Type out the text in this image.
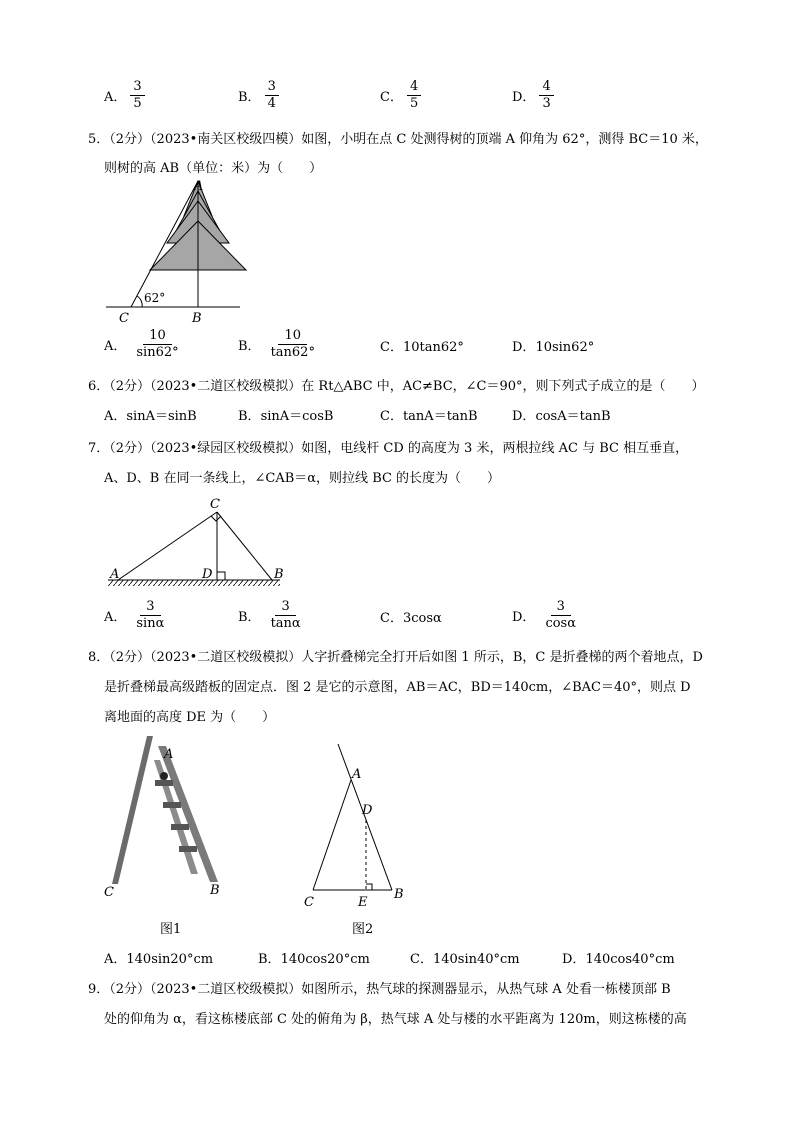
A． $\frac{3}{5}$	B． $\frac{3}{4}$	C． $\frac{4}{5}$	D． $\frac{4}{3}$
5．（2分）（2023•南关区校级四模）如图，小明在点 C 处测得树的顶端 A 仰角为 62°，测得 BC＝10 米，
则树的高 AB（单位：米）为（　　）
A
B
C
62°
A． $\frac{10}{\sin 62^\circ}$	B． $\frac{10}{\tan 62^\circ}$	C．10tan62°	D．10sin62°
6．（2分）（2023•二道区校级模拟）在 Rt△ABC 中，AC≠BC，∠C＝90°，则下列式子成立的是（　　）
A．sinA＝sinB	B．sinA＝cosB	C．tanA＝tanB	D．cosA＝tanB
7．（2分）（2023•绿园区校级模拟）如图，电线杆 CD 的高度为 3 米，两根拉线 AC 与 BC 相互垂直，
A、D、B 在同一条线上，∠CAB＝α，则拉线 BC 的长度为（　　）
C
A	D	B
A． $\frac{3}{\sin\alpha}$	B． $\frac{3}{\tan\alpha}$	C．3cosα	D． $\frac{3}{\cos\alpha}$
8．（2分）（2023•二道区校级模拟）人字折叠梯完全打开后如图 1 所示，B，C 是折叠梯的两个着地点，D
是折叠梯最高级踏板的固定点．图 2 是它的示意图，AB＝AC，BD＝140cm，∠BAC＝40°，则点 D
离地面的高度 DE 为（　　）
A
C	B
图1
A
D
C	E
B
图2
A．140sin20°cm	B．140cos20°cm	C．140sin40°cm	D．140cos40°cm
9．（2分）（2023•二道区校级模拟）如图所示，热气球的探测器显示，从热气球 A 处看一栋楼顶部 B
处的仰角为 α，看这栋楼底部 C 处的俯角为 β，热气球 A 处与楼的水平距离为 120m，则这栋楼的高
